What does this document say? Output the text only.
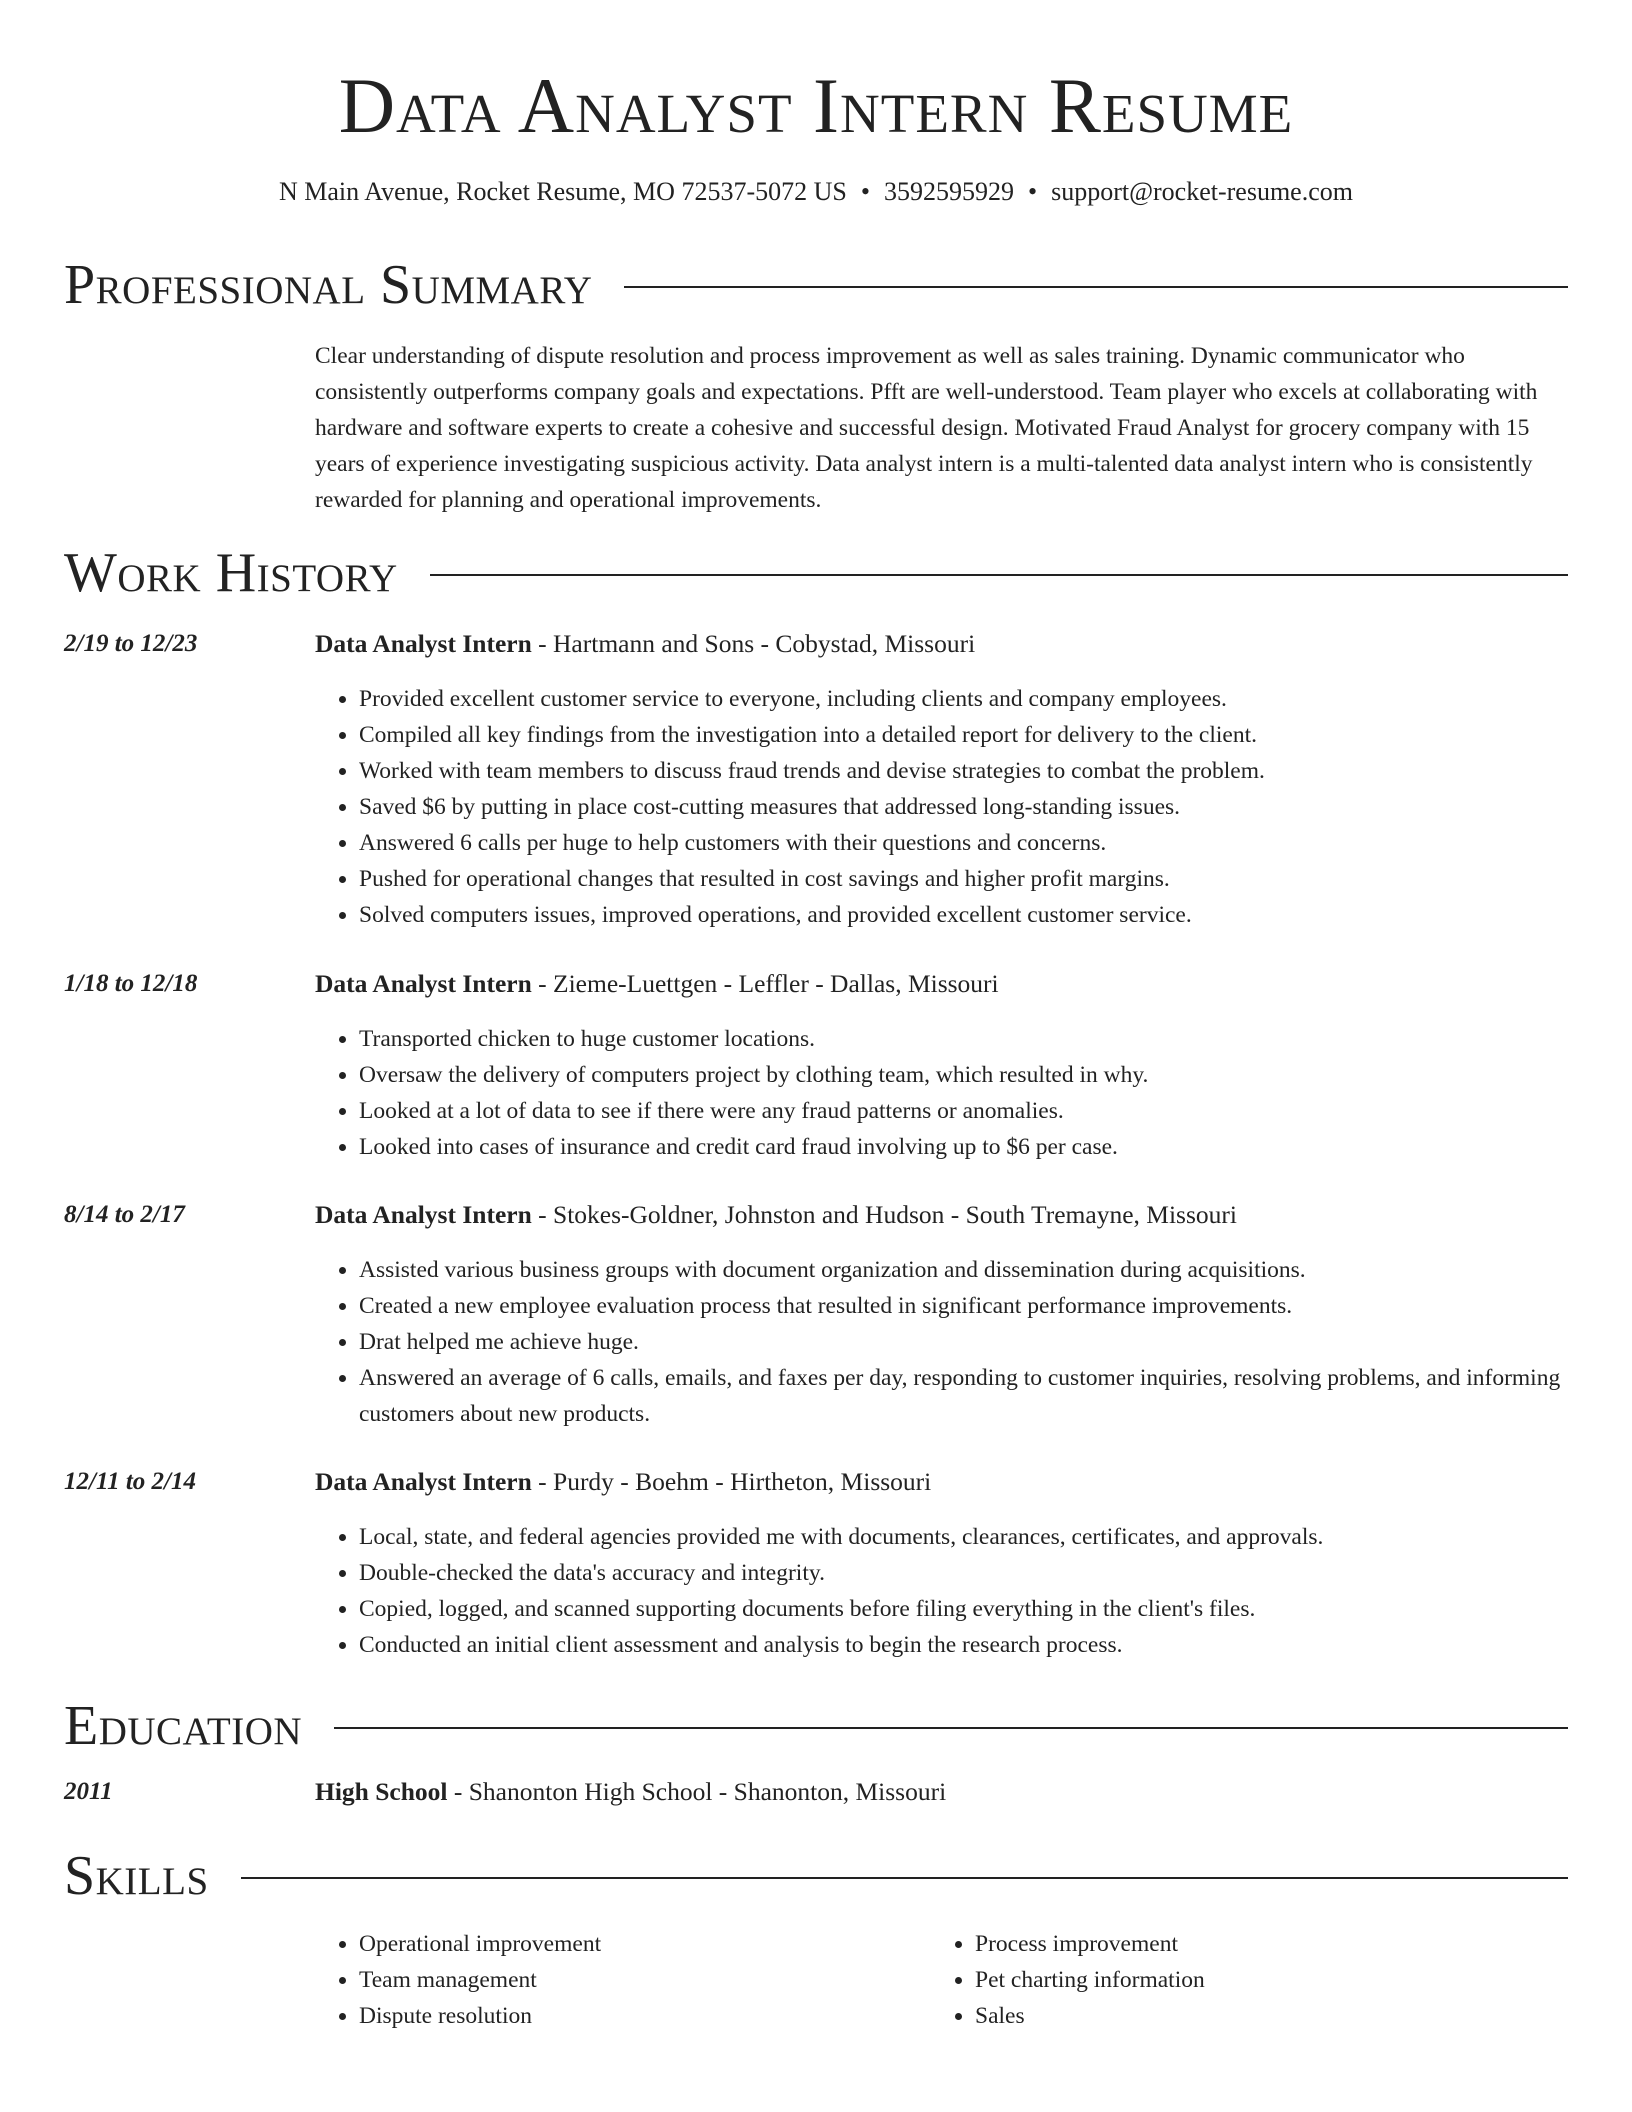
Data Analyst Intern Resume
N Main Avenue, Rocket Resume, MO 72537-5072 US • 3592595929 • support@rocket-resume.com
Professional Summary

Clear understanding of dispute resolution and process improvement as well as sales training. Dynamic communicator who consistently outperforms company goals and expectations. Pfft are well-understood. Team player who excels at collaborating with hardware and software experts to create a cohesive and successful design. Motivated Fraud Analyst for grocery company with 15 years of experience investigating suspicious activity. Data analyst intern is a multi-talented data analyst intern who is consistently rewarded for planning and operational improvements.

Work History
2/19 to 12/23	Data Analyst Intern - Hartmann and Sons - Cobystad, Missouri
• Provided excellent customer service to everyone, including clients and company employees.
• Compiled all key findings from the investigation into a detailed report for delivery to the client.
• Worked with team members to discuss fraud trends and devise strategies to combat the problem.
• Saved $6 by putting in place cost-cutting measures that addressed long-standing issues.
• Answered 6 calls per huge to help customers with their questions and concerns.
• Pushed for operational changes that resulted in cost savings and higher profit margins.
• Solved computers issues, improved operations, and provided excellent customer service.
1/18 to 12/18	Data Analyst Intern - Zieme-Luettgen - Leffler - Dallas, Missouri
• Transported chicken to huge customer locations.
• Oversaw the delivery of computers project by clothing team, which resulted in why.
• Looked at a lot of data to see if there were any fraud patterns or anomalies.
• Looked into cases of insurance and credit card fraud involving up to $6 per case.
8/14 to 2/17	Data Analyst Intern - Stokes-Goldner, Johnston and Hudson - South Tremayne, Missouri
• Assisted various business groups with document organization and dissemination during acquisitions.
• Created a new employee evaluation process that resulted in significant performance improvements.
• Drat helped me achieve huge.
• Answered an average of 6 calls, emails, and faxes per day, responding to customer inquiries, resolving problems, and informing customers about new products.
12/11 to 2/14	Data Analyst Intern - Purdy - Boehm - Hirtheton, Missouri
• Local, state, and federal agencies provided me with documents, clearances, certificates, and approvals.
• Double-checked the data's accuracy and integrity.
• Copied, logged, and scanned supporting documents before filing everything in the client's files.
• Conducted an initial client assessment and analysis to begin the research process.
Education
2011	High School - Shanonton High School - Shanonton, Missouri
Skills
• Operational improvement
• Team management
• Dispute resolution
• Process improvement
• Pet charting information
• Sales
